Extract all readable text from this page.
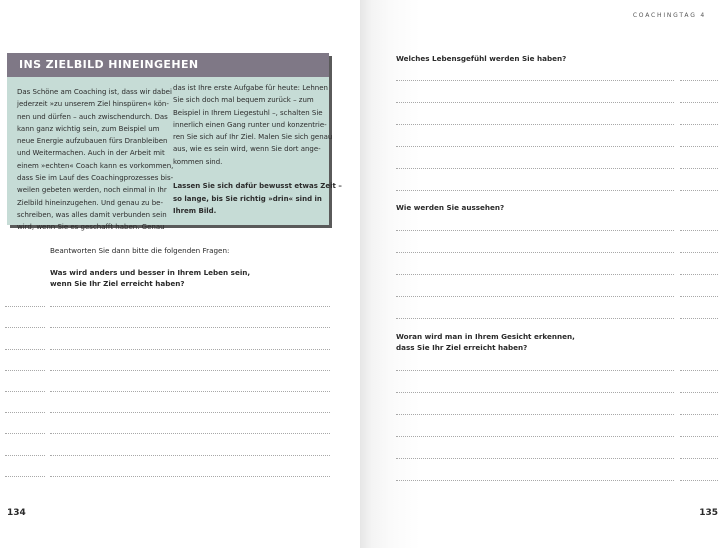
INS ZIELBILD HINEINGEHEN
Das Schöne am Coaching ist, dass wir dabei
jederzeit »zu unserem Ziel hinspüren« kön-
nen und dürfen – auch zwischendurch. Das
kann ganz wichtig sein, zum Beispiel um
neue Energie aufzubauen fürs Dranbleiben
und Weitermachen. Auch in der Arbeit mit
einem »echten« Coach kann es vorkommen,
dass Sie im Lauf des Coachingprozesses bis-
weilen gebeten werden, noch einmal in Ihr
Zielbild hineinzugehen. Und genau zu be-
schreiben, was alles damit verbunden sein
wird, wenn Sie es geschafft haben. Genau
das ist Ihre erste Aufgabe für heute: Lehnen
Sie sich doch mal bequem zurück – zum
Beispiel in Ihrem Liegestuhl –, schalten Sie
innerlich einen Gang runter und konzentrie-
ren Sie sich auf Ihr Ziel. Malen Sie sich genau
aus, wie es sein wird, wenn Sie dort ange-
kommen sind.
Lassen Sie sich dafür bewusst etwas Zeit –
so lange, bis Sie richtig »drin« sind in
Ihrem Bild.
Beantworten Sie dann bitte die folgenden Fragen:
Was wird anders und besser in Ihrem Leben sein,
wenn Sie Ihr Ziel erreicht haben?
134
COACHINGTAG 4
Welches Lebensgefühl werden Sie haben?
Wie werden Sie aussehen?
Woran wird man in Ihrem Gesicht erkennen,
dass Sie Ihr Ziel erreicht haben?
135
